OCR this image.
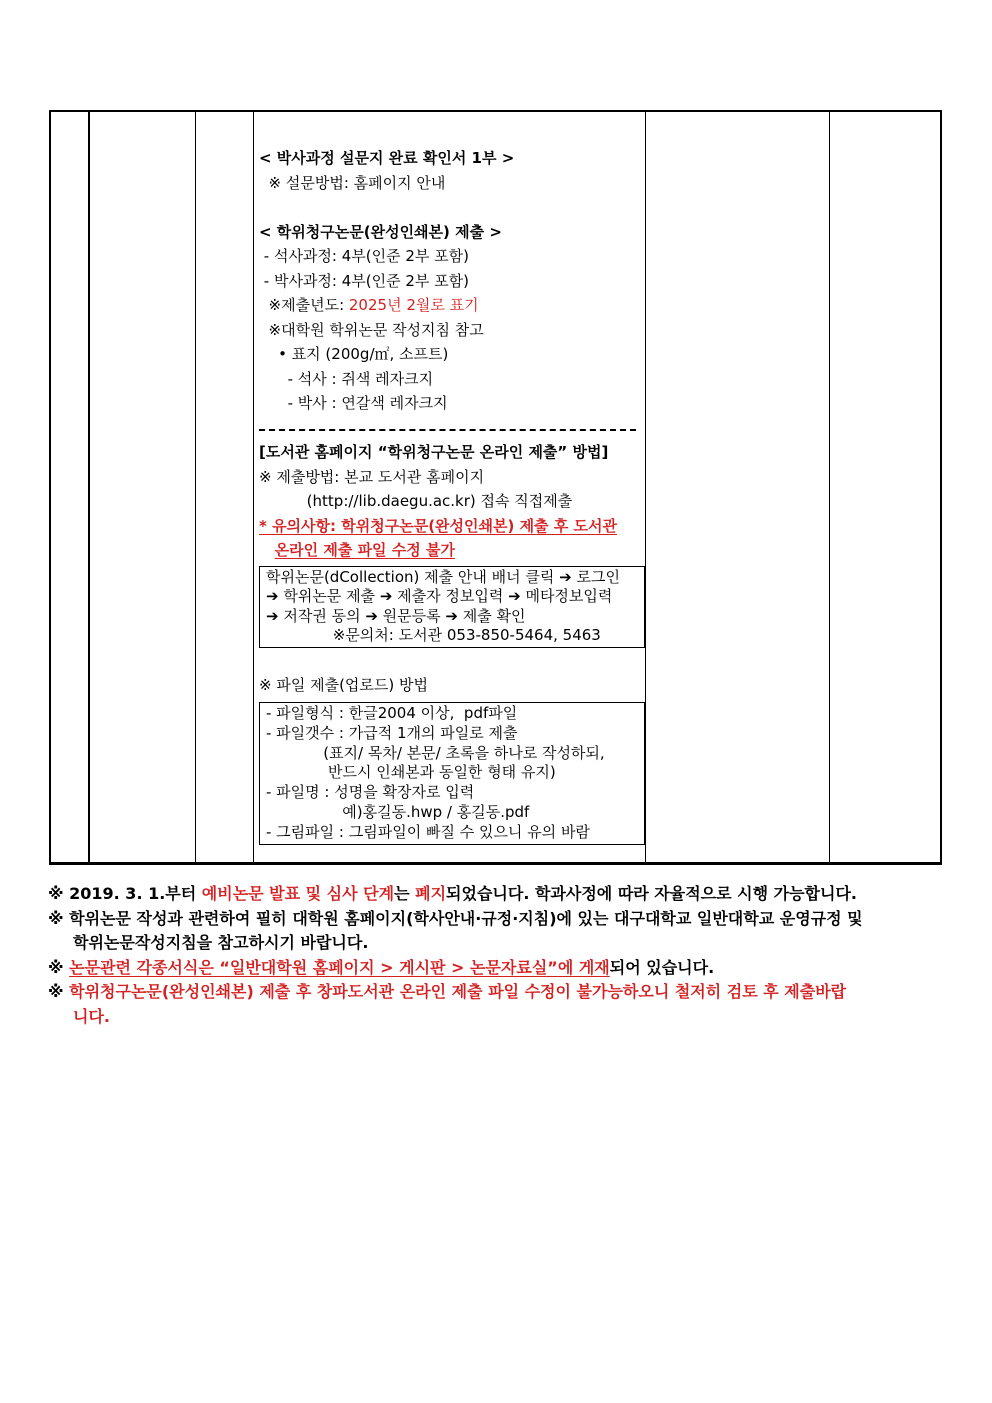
< 박사과정 설문지 완료 확인서 1부 >
※ 설문방법: 홈페이지 안내

< 학위청구논문(완성인쇄본) 제출 >
- 석사과정: 4부(인준 2부 포함)
- 박사과정: 4부(인준 2부 포함)
※제출년도: 2025년 2월로 표기
※대학원 학위논문 작성지침 참고
• 표지 (200g/㎡, 소프트)
- 석사 : 쥐색 레자크지
- 박사 : 연갈색 레자크지
[도서관 홈페이지 “학위청구논문 온라인 제출” 방법]
※ 제출방법: 본교 도서관 홈페이지
(http://lib.daegu.ac.kr) 접속 직접제출
* 유의사항: 학위청구논문(완성인쇄본) 제출 후 도서관
온라인 제출 파일 수정 불가
학위논문(dCollection) 제출 안내 배너 클릭 ➔ 로그인
➔ 학위논문 제출 ➔ 제출자 정보입력 ➔ 메타정보입력
➔ 저작권 동의 ➔ 원문등록 ➔ 제출 확인
※문의처: 도서관 053-850-5464, 5463
※ 파일 제출(업로드) 방법
- 파일형식 : 한글2004 이상,  pdf파일
- 파일갯수 : 가급적 1개의 파일로 제출
(표지/ 목차/ 본문/ 초록을 하나로 작성하되,
반드시 인쇄본과 동일한 형태 유지)
- 파일명 : 성명을 확장자로 입력
예)홍길동.hwp / 홍길동.pdf
- 그림파일 : 그림파일이 빠질 수 있으니 유의 바람
※ 2019. 3. 1.부터 예비논문 발표 및 심사 단계는 폐지되었습니다. 학과사정에 따라 자율적으로 시행 가능합니다.
※ 학위논문 작성과 관련하여 필히 대학원 홈페이지(학사안내·규정·지침)에 있는 대구대학교 일반대학교 운영규정 및
학위논문작성지침을 참고하시기 바랍니다.
※ 논문관련 각종서식은 “일반대학원 홈페이지 > 게시판 > 논문자료실”에 게재되어 있습니다.
※ 학위청구논문(완성인쇄본) 제출 후 창파도서관 온라인 제출 파일 수정이 불가능하오니 철저히 검토 후 제출바랍
니다.
